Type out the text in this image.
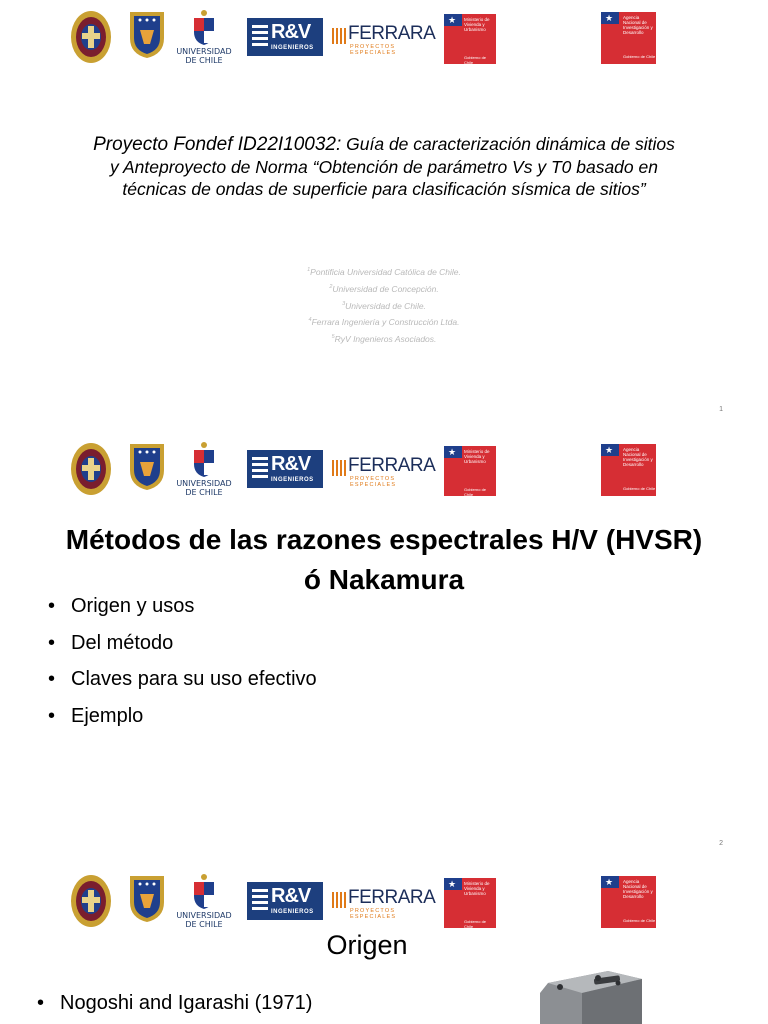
UNIVERSIDAD
DE CHILE
R&V
INGENIEROS
FERRARA
PROYECTOS ESPECIALES
★ Ministerio de Vivienda y Urbanismo
Gobierno de Chile
★ Agencia Nacional de Investigación y Desarrollo
Gobierno de Chile
Proyecto Fondef ID22I10032: Guía de caracterización dinámica de sitios y Anteproyecto de Norma “Obtención de parámetro Vs y T0 basado en técnicas de ondas de superficie para clasificación sísmica de sitios”
$^1$Pontificia Universidad Católica de Chile.
$^2$Universidad de Concepción.
$^3$Universidad de Chile.
$^4$Ferrara Ingeniería y Construcción Ltda.
$^5$RyV Ingenieros Asociados.
1
UNIVERSIDAD
DE CHILE
R&V
INGENIEROS
FERRARA
PROYECTOS ESPECIALES
★ Ministerio de Vivienda y Urbanismo
Gobierno de Chile
★ Agencia Nacional de Investigación y Desarrollo
Gobierno de Chile
Métodos de las razones espectrales H/V (HVSR)
ó Nakamura
• Origen y usos
• Del método
• Claves para su uso efectivo
• Ejemplo
2
UNIVERSIDAD
DE CHILE
R&V
INGENIEROS
FERRARA
PROYECTOS ESPECIALES
★ Ministerio de Vivienda y Urbanismo
Gobierno de Chile
★ Agencia Nacional de Investigación y Desarrollo
Gobierno de Chile
Origen
• Nogoshi and Igarashi (1971)
